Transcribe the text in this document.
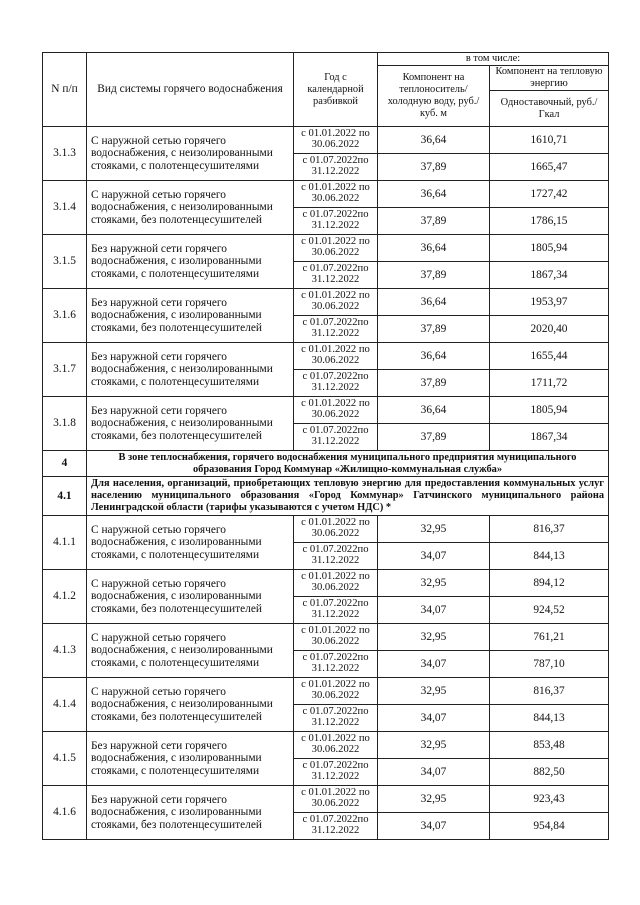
N п/п	Вид системы горячего водоснабжения	Год с календарной разбивкой	в том числе:	
			Компонент на теплоноситель/ холодную воду, руб./куб. м	Компонент на тепловую энергию
				Одноставочный, руб./Гкал
3.1.3	С наружной сетью горячего водоснабжения, с неизолированными стояками, с полотенцесушителями	с 01.01.2022 по 30.06.2022	36,64	1610,71
		с 01.07.2022по 31.12.2022	37,89	1665,47
3.1.4	С наружной сетью горячего водоснабжения, с неизолированными стояками, без полотенцесушителей	с 01.01.2022 по 30.06.2022	36,64	1727,42
		с 01.07.2022по 31.12.2022	37,89	1786,15
3.1.5	Без наружной сети горячего водоснабжения, с изолированными стояками, с полотенцесушителями	с 01.01.2022 по 30.06.2022	36,64	1805,94
		с 01.07.2022по 31.12.2022	37,89	1867,34
3.1.6	Без наружной сети горячего водоснабжения, с изолированными стояками, без полотенцесушителей	с 01.01.2022 по 30.06.2022	36,64	1953,97
		с 01.07.2022по 31.12.2022	37,89	2020,40
3.1.7	Без наружной сети горячего водоснабжения, с неизолированными стояками, с полотенцесушителями	с 01.01.2022 по 30.06.2022	36,64	1655,44
		с 01.07.2022по 31.12.2022	37,89	1711,72
3.1.8	Без наружной сети горячего водоснабжения, с неизолированными стояками, без полотенцесушителей	с 01.01.2022 по 30.06.2022	36,64	1805,94
		с 01.07.2022по 31.12.2022	37,89	1867,34
4	В зоне теплоснабжения, горячего водоснабжения муниципального предприятия муниципального образования Город Коммунар «Жилищно-коммунальная служба»			
4.1	Для населения, организаций, приобретающих тепловую энергию для предоставления коммунальных услуг населению муниципального образования «Город Коммунар» Гатчинского муниципального района Ленинградской области (тарифы указываются с учетом НДС) *			
4.1.1	С наружной сетью горячего водоснабжения, с изолированными стояками, с полотенцесушителями	с 01.01.2022 по 30.06.2022	32,95	816,37
		с 01.07.2022по 31.12.2022	34,07	844,13
4.1.2	С наружной сетью горячего водоснабжения, с изолированными стояками, без полотенцесушителей	с 01.01.2022 по 30.06.2022	32,95	894,12
		с 01.07.2022по 31.12.2022	34,07	924,52
4.1.3	С наружной сетью горячего водоснабжения, с неизолированными стояками, с полотенцесушителями	с 01.01.2022 по 30.06.2022	32,95	761,21
		с 01.07.2022по 31.12.2022	34,07	787,10
4.1.4	С наружной сетью горячего водоснабжения, с неизолированными стояками, без полотенцесушителей	с 01.01.2022 по 30.06.2022	32,95	816,37
		с 01.07.2022по 31.12.2022	34,07	844,13
4.1.5	Без наружной сети горячего водоснабжения, с изолированными стояками, с полотенцесушителями	с 01.01.2022 по 30.06.2022	32,95	853,48
		с 01.07.2022по 31.12.2022	34,07	882,50
4.1.6	Без наружной сети горячего водоснабжения, с изолированными стояками, без полотенцесушителей	с 01.01.2022 по 30.06.2022	32,95	923,43
		с 01.07.2022по 31.12.2022	34,07	954,84
